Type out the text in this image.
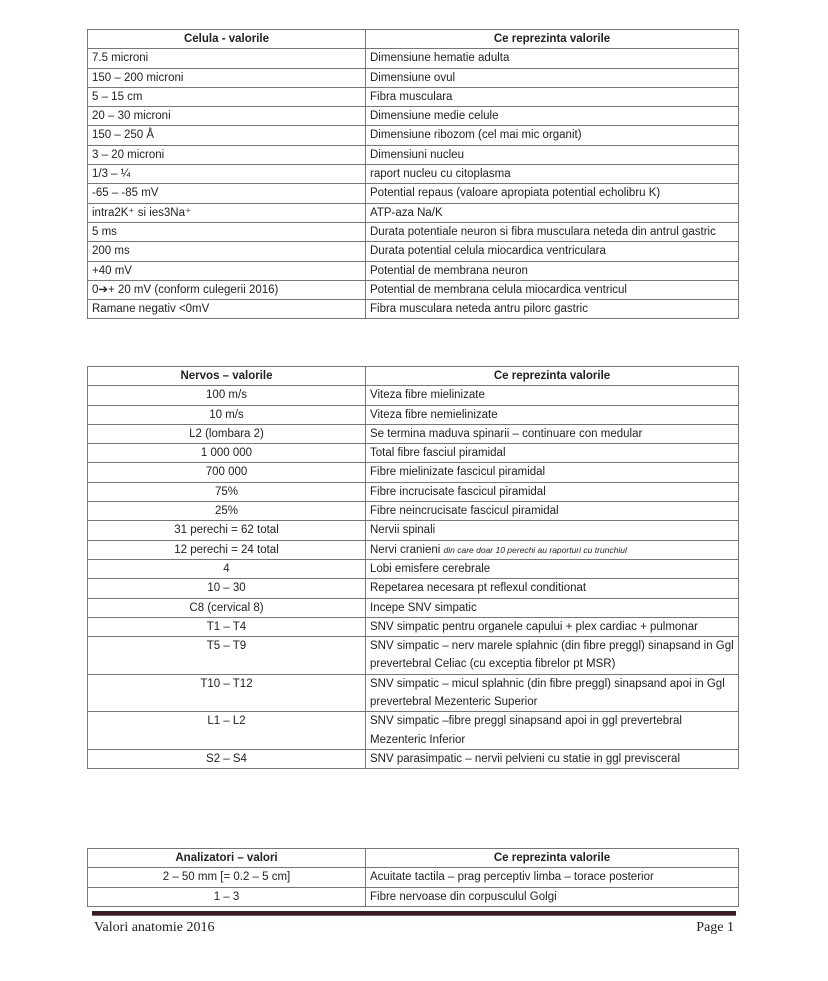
Celula - valorile	Ce reprezinta valorile
7.5 microni	Dimensiune hematie adulta
150 – 200 microni	Dimensiune ovul
5 – 15 cm	Fibra musculara
20 – 30 microni	Dimensiune medie celule
150 – 250 Å	Dimensiune ribozom (cel mai mic organit)
3 – 20 microni	Dimensiuni nucleu
1/3 – ¼	raport nucleu cu citoplasma
-65 – -85 mV	Potential repaus (valoare apropiata potential echolibru K)
intra2K⁺ si ies3Na⁺	ATP-aza Na/K
5 ms	Durata potentiale neuron si fibra musculara neteda din antrul gastric
200 ms	Durata potential celula miocardica ventriculara
+40 mV	Potential de membrana neuron
0➔+ 20 mV (conform culegerii 2016)	Potential de membrana celula miocardica ventricul
Ramane negativ <0mV	Fibra musculara neteda antru pilorc gastric
Nervos – valorile	Ce reprezinta valorile
100 m/s	Viteza fibre mielinizate
10 m/s	Viteza fibre nemielinizate
L2 (lombara 2)	Se termina maduva spinarii – continuare con medular
1 000 000	Total fibre fasciul piramidal
700 000	Fibre mielinizate fascicul piramidal
75%	Fibre incrucisate fascicul piramidal
25%	Fibre neincrucisate fascicul piramidal
31 perechi = 62 total	Nervii spinali
12 perechi = 24 total	Nervi cranieni din care doar 10 perechi au raporturi cu trunchiul
4	Lobi emisfere cerebrale
10 – 30	Repetarea necesara pt reflexul conditionat
C8 (cervical 8)	Incepe SNV simpatic
T1 – T4	SNV simpatic pentru organele capului + plex cardiac + pulmonar
T5 – T9	SNV simpatic – nerv marele splahnic (din fibre preggl) sinapsand in Ggl prevertebral Celiac (cu exceptia fibrelor pt MSR)
T10 – T12	SNV simpatic – micul splahnic (din fibre preggl) sinapsand apoi in Ggl prevertebral Mezenteric Superior
L1 – L2	SNV simpatic –fibre preggl sinapsand apoi in ggl prevertebral Mezenteric Inferior
S2 – S4	SNV parasimpatic – nervii pelvieni cu statie in ggl previsceral
Analizatori – valori	Ce reprezinta valorile
2 – 50 mm [= 0.2 – 5 cm]	Acuitate tactila – prag perceptiv limba – torace posterior
1 – 3	Fibre nervoase din corpusculul Golgi
Valori anatomie 2016	Page 1
